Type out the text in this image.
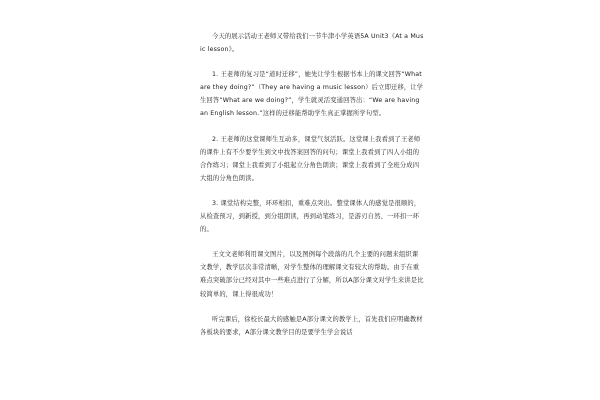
今天的展示活动王老师又带给我们一节牛津小学英语5A Unit3《At a Music lesson》。

1. 王老师的复习是“道时迁移”，她先让学生根据书本上的课文回答“What are they doing?”（They are having a music lesson）后立即迁移，让学生回答“What are we doing?”，学生就灵活变通回答出：“We are having an English lesson.”这样的迁移能帮助学生真正掌握所学句型。

2. 王老师的这堂课师生互动多，课堂气氛活跃。这堂课上我看到了王老师的课件上有不少要学生到文中找答案回答的问句；课堂上我看到了四人小组的合作练习；课堂上我看到了小组起立分角色朗读；课堂上我看到了全班分成四大组的分角色朗读。

3. 课堂结构完整，环环相扣，重难点突出。整堂课体人的感觉是很顺的，从检查预习，到新授，到分组朗读，再到动笔练习，是游刃自然、一环扣一环的。

王文文老师利用课文图片，以及图例每个段落的几个主要的问题来组织课文教学，教学层次非常清晰，对学生整体的理解课文有较大的帮助。由于在重难点突破部分已经对其中一些难点进行了分解，所以A部分课文对学生来讲是比较简单的，课上得很成功！

听完课后，徐校长最大的感触是A部分课文的教学上，首先我们应明确教材各板块的要求，A部分课文教学目的是要学生学会说话
